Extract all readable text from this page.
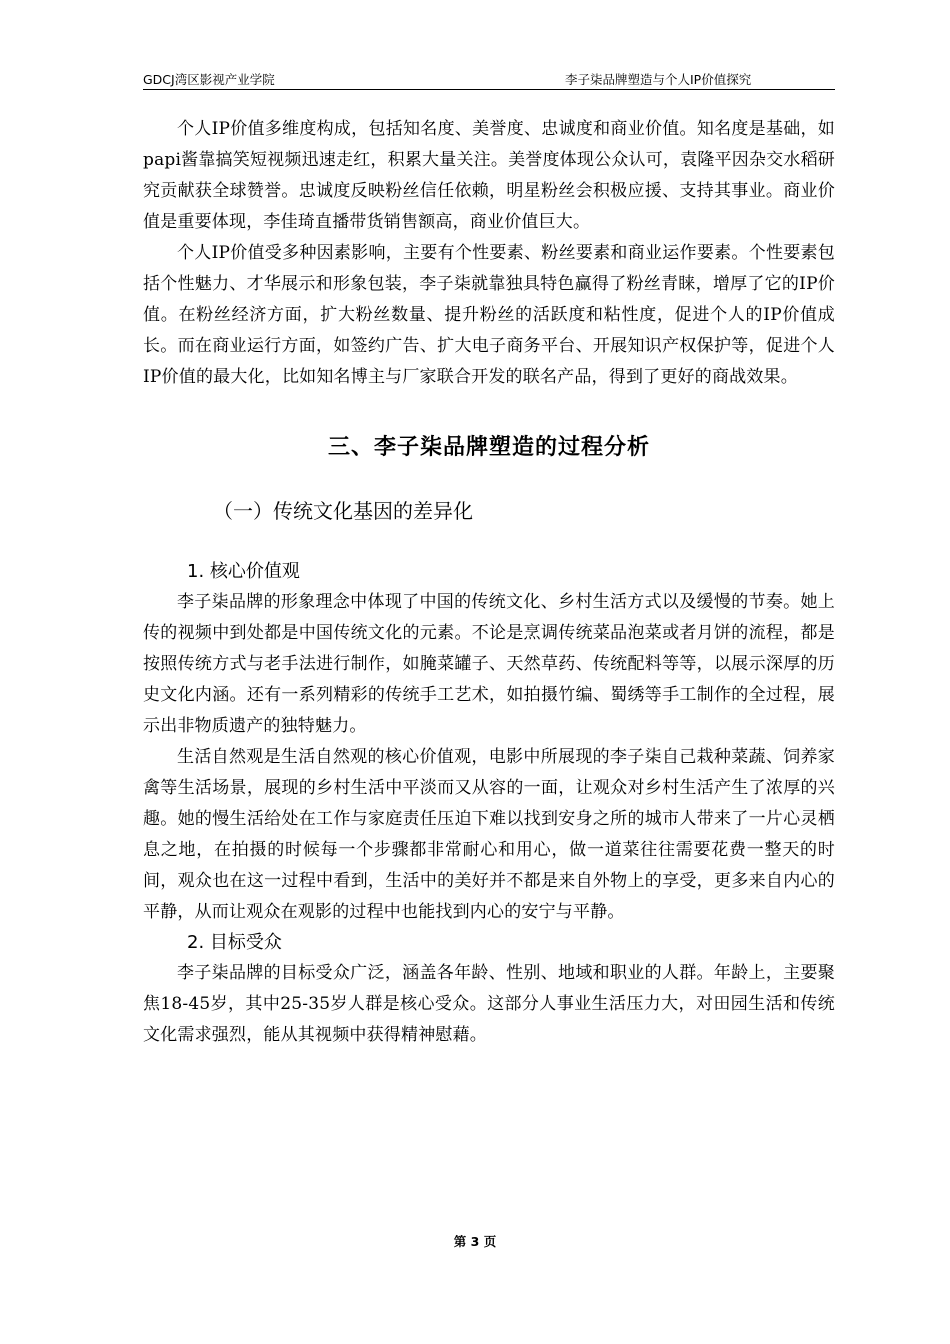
GDCJ湾区影视产业学院	李子柒品牌塑造与个人IP价值探究

个人IP价值多维度构成，包括知名度、美誉度、忠诚度和商业价值。知名度是基础，如papi酱靠搞笑短视频迅速走红，积累大量关注。美誉度体现公众认可，袁隆平因杂交水稻研究贡献获全球赞誉。忠诚度反映粉丝信任依赖，明星粉丝会积极应援、支持其事业。商业价值是重要体现，李佳琦直播带货销售额高，商业价值巨大。

个人IP价值受多种因素影响，主要有个性要素、粉丝要素和商业运作要素。个性要素包括个性魅力、才华展示和形象包装，李子柒就靠独具特色赢得了粉丝青睐，增厚了它的IP价值。在粉丝经济方面，扩大粉丝数量、提升粉丝的活跃度和粘性度，促进个人的IP价值成长。而在商业运行方面，如签约广告、扩大电子商务平台、开展知识产权保护等，促进个人IP价值的最大化，比如知名博主与厂家联合开发的联名产品，得到了更好的商战效果。

三、李子柒品牌塑造的过程分析
（一）传统文化基因的差异化
1. 核心价值观

李子柒品牌的形象理念中体现了中国的传统文化、乡村生活方式以及缓慢的节奏。她上传的视频中到处都是中国传统文化的元素。不论是烹调传统菜品泡菜或者月饼的流程，都是按照传统方式与老手法进行制作，如腌菜罐子、天然草药、传统配料等等，以展示深厚的历史文化内涵。还有一系列精彩的传统手工艺术，如拍摄竹编、蜀绣等手工制作的全过程，展示出非物质遗产的独特魅力。

生活自然观是生活自然观的核心价值观，电影中所展现的李子柒自己栽种菜蔬、饲养家禽等生活场景，展现的乡村生活中平淡而又从容的一面，让观众对乡村生活产生了浓厚的兴趣。她的慢生活给处在工作与家庭责任压迫下难以找到安身之所的城市人带来了一片心灵栖息之地，在拍摄的时候每一个步骤都非常耐心和用心，做一道菜往往需要花费一整天的时间，观众也在这一过程中看到，生活中的美好并不都是来自外物上的享受，更多来自内心的平静，从而让观众在观影的过程中也能找到内心的安宁与平静。

2. 目标受众

李子柒品牌的目标受众广泛，涵盖各年龄、性别、地域和职业的人群。年龄上，主要聚焦18-45岁，其中25-35岁人群是核心受众。这部分人事业生活压力大，对田园生活和传统文化需求强烈，能从其视频中获得精神慰藉。

第 3 页
